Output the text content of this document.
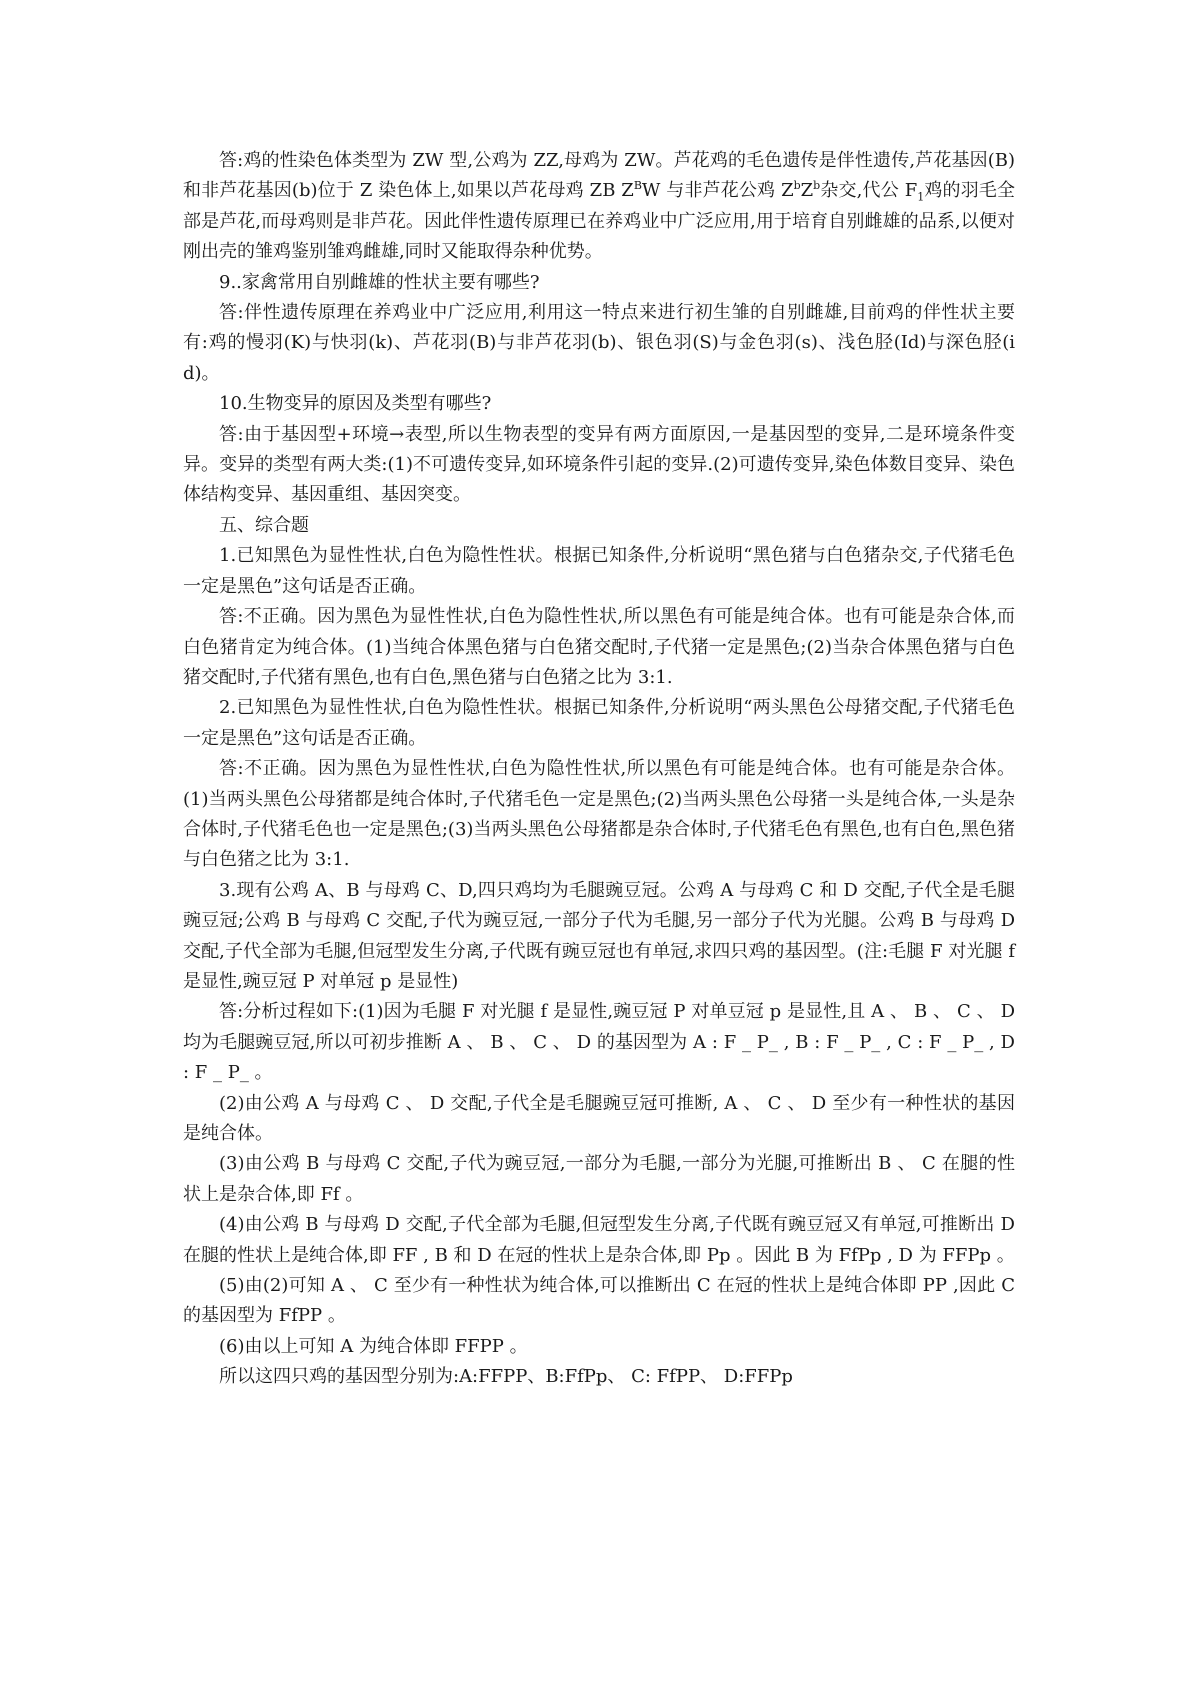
答:鸡的性染色体类型为 ZW 型,公鸡为 ZZ,母鸡为 ZW。芦花鸡的毛色遗传是伴性遗传,芦花基因(B)和非芦花基因(b)位于 Z 染色体上,如果以芦花母鸡 ZB $Z^BW$ 与非芦花公鸡 $Z^bZ^b$杂交,代公 $F_1$鸡的羽毛全部是芦花,而母鸡则是非芦花。因此伴性遗传原理已在养鸡业中广泛应用,用于培育自别雌雄的品系,以便对刚出壳的雏鸡鉴别雏鸡雌雄,同时又能取得杂种优势。

9..家禽常用自别雌雄的性状主要有哪些?

答:伴性遗传原理在养鸡业中广泛应用,利用这一特点来进行初生雏的自别雌雄,目前鸡的伴性状主要有:鸡的慢羽(K)与快羽(k)、芦花羽(B)与非芦花羽(b)、银色羽(S)与金色羽(s)、浅色胫(Id)与深色胫(id)。

10.生物变异的原因及类型有哪些?

答:由于基因型+环境→表型,所以生物表型的变异有两方面原因,一是基因型的变异,二是环境条件变异。变异的类型有两大类:(1)不可遗传变异,如环境条件引起的变异.(2)可遗传变异,染色体数目变异、染色体结构变异、基因重组、基因突变。

五、综合题

1.已知黑色为显性性状,白色为隐性性状。根据已知条件,分析说明“黑色猪与白色猪杂交,子代猪毛色一定是黑色”这句话是否正确。

答:不正确。因为黑色为显性性状,白色为隐性性状,所以黑色有可能是纯合体。也有可能是杂合体,而白色猪肯定为纯合体。(1)当纯合体黑色猪与白色猪交配时,子代猪一定是黑色;(2)当杂合体黑色猪与白色猪交配时,子代猪有黑色,也有白色,黑色猪与白色猪之比为 3:1.

2.已知黑色为显性性状,白色为隐性性状。根据已知条件,分析说明“两头黑色公母猪交配,子代猪毛色一定是黑色”这句话是否正确。

答:不正确。因为黑色为显性性状,白色为隐性性状,所以黑色有可能是纯合体。也有可能是杂合体。(1)当两头黑色公母猪都是纯合体时,子代猪毛色一定是黑色;(2)当两头黑色公母猪一头是纯合体,一头是杂合体时,子代猪毛色也一定是黑色;(3)当两头黑色公母猪都是杂合体时,子代猪毛色有黑色,也有白色,黑色猪与白色猪之比为 3:1.

3.现有公鸡 A、B 与母鸡 C、D,四只鸡均为毛腿豌豆冠。公鸡 A 与母鸡 C 和 D 交配,子代全是毛腿豌豆冠;公鸡 B 与母鸡 C 交配,子代为豌豆冠,一部分子代为毛腿,另一部分子代为光腿。公鸡 B 与母鸡 D 交配,子代全部为毛腿,但冠型发生分离,子代既有豌豆冠也有单冠,求四只鸡的基因型。(注:毛腿 F 对光腿 f 是显性,豌豆冠 P 对单冠 p 是显性)

答:分析过程如下:(1)因为毛腿 F 对光腿 f 是显性,豌豆冠 P 对单豆冠 p 是显性,且 A 、 B 、 C 、 D 均为毛腿豌豆冠,所以可初步推断 A 、 B 、 C 、 D 的基因型为 A : F _ P_ , B : F _ P_ , C : F _ P_ , D : F _ P_ 。

(2)由公鸡 A 与母鸡 C 、 D 交配,子代全是毛腿豌豆冠可推断, A 、 C 、 D 至少有一种性状的基因是纯合体。

(3)由公鸡 B 与母鸡 C 交配,子代为豌豆冠,一部分为毛腿,一部分为光腿,可推断出 B 、 C 在腿的性状上是杂合体,即 Ff 。

(4)由公鸡 B 与母鸡 D 交配,子代全部为毛腿,但冠型发生分离,子代既有豌豆冠又有单冠,可推断出 D 在腿的性状上是纯合体,即 FF , B 和 D 在冠的性状上是杂合体,即 Pp 。因此 B 为 FfPp , D 为 FFPp 。

(5)由(2)可知 A 、 C 至少有一种性状为纯合体,可以推断出 C 在冠的性状上是纯合体即 PP ,因此 C 的基因型为 FfPP 。

(6)由以上可知 A 为纯合体即 FFPP 。

所以这四只鸡的基因型分别为:A:FFPP、B:FfPp、 C: FfPP、 D:FFPp
